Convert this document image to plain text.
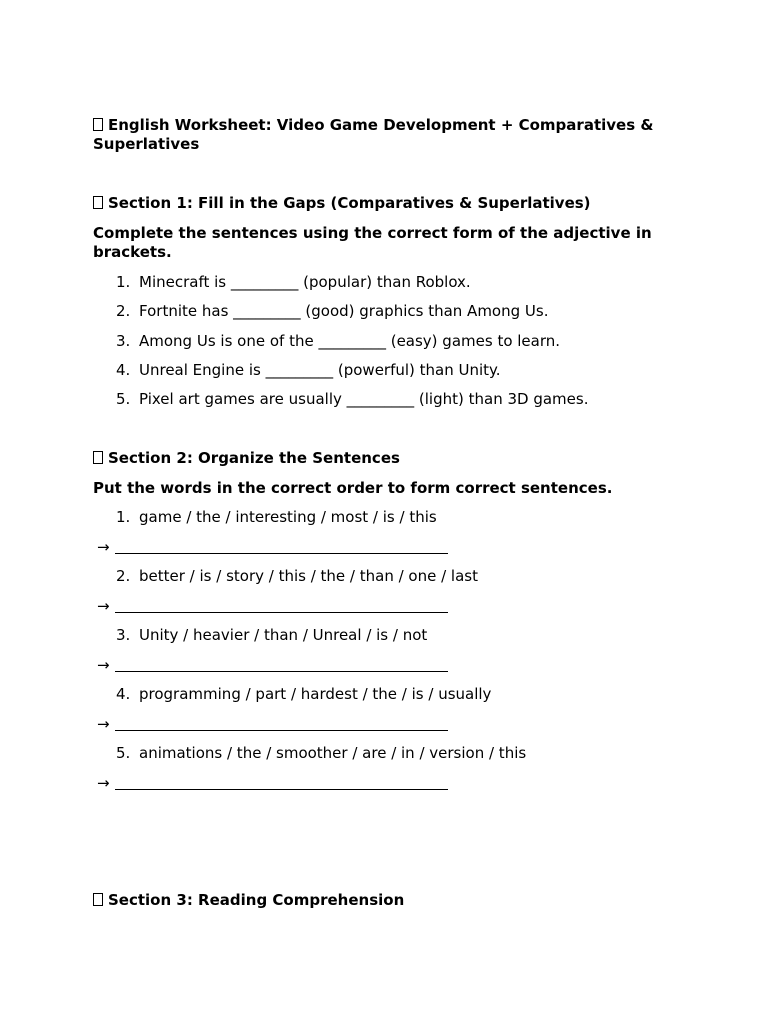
English Worksheet: Video Game Development + Comparatives & Superlatives
Section 1: Fill in the Gaps (Comparatives & Superlatives)
Complete the sentences using the correct form of the adjective in brackets.
1. Minecraft is _________ (popular) than Roblox.
2. Fortnite has _________ (good) graphics than Among Us.
3. Among Us is one of the _________ (easy) games to learn.
4. Unreal Engine is _________ (powerful) than Unity.
5. Pixel art games are usually _________ (light) than 3D games.
Section 2: Organize the Sentences
Put the words in the correct order to form correct sentences.
1. game / the / interesting / most / is / this
→
2. better / is / story / this / the / than / one / last
→
3. Unity / heavier / than / Unreal / is / not
→
4. programming / part / hardest / the / is / usually
→
5. animations / the / smoother / are / in / version / this
→
Section 3: Reading Comprehension
